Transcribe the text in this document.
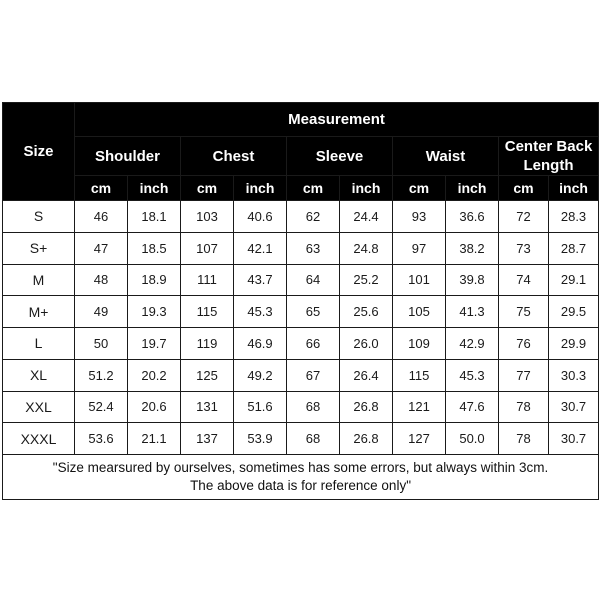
Size	Measurement									
	Shoulder		Chest		Sleeve		Waist		Center Back Length	
	cm	inch	cm	inch	cm	inch	cm	inch	cm	inch
S	46	18.1	103	40.6	62	24.4	93	36.6	72	28.3
S+	47	18.5	107	42.1	63	24.8	97	38.2	73	28.7
M	48	18.9	111	43.7	64	25.2	101	39.8	74	29.1
M+	49	19.3	115	45.3	65	25.6	105	41.3	75	29.5
L	50	19.7	119	46.9	66	26.0	109	42.9	76	29.9
XL	51.2	20.2	125	49.2	67	26.4	115	45.3	77	30.3
XXL	52.4	20.6	131	51.6	68	26.8	121	47.6	78	30.7
XXXL	53.6	21.1	137	53.9	68	26.8	127	50.0	78	30.7

"Size mearsured by ourselves, sometimes has some errors, but always within 3cm.
The above data is for reference only"										
